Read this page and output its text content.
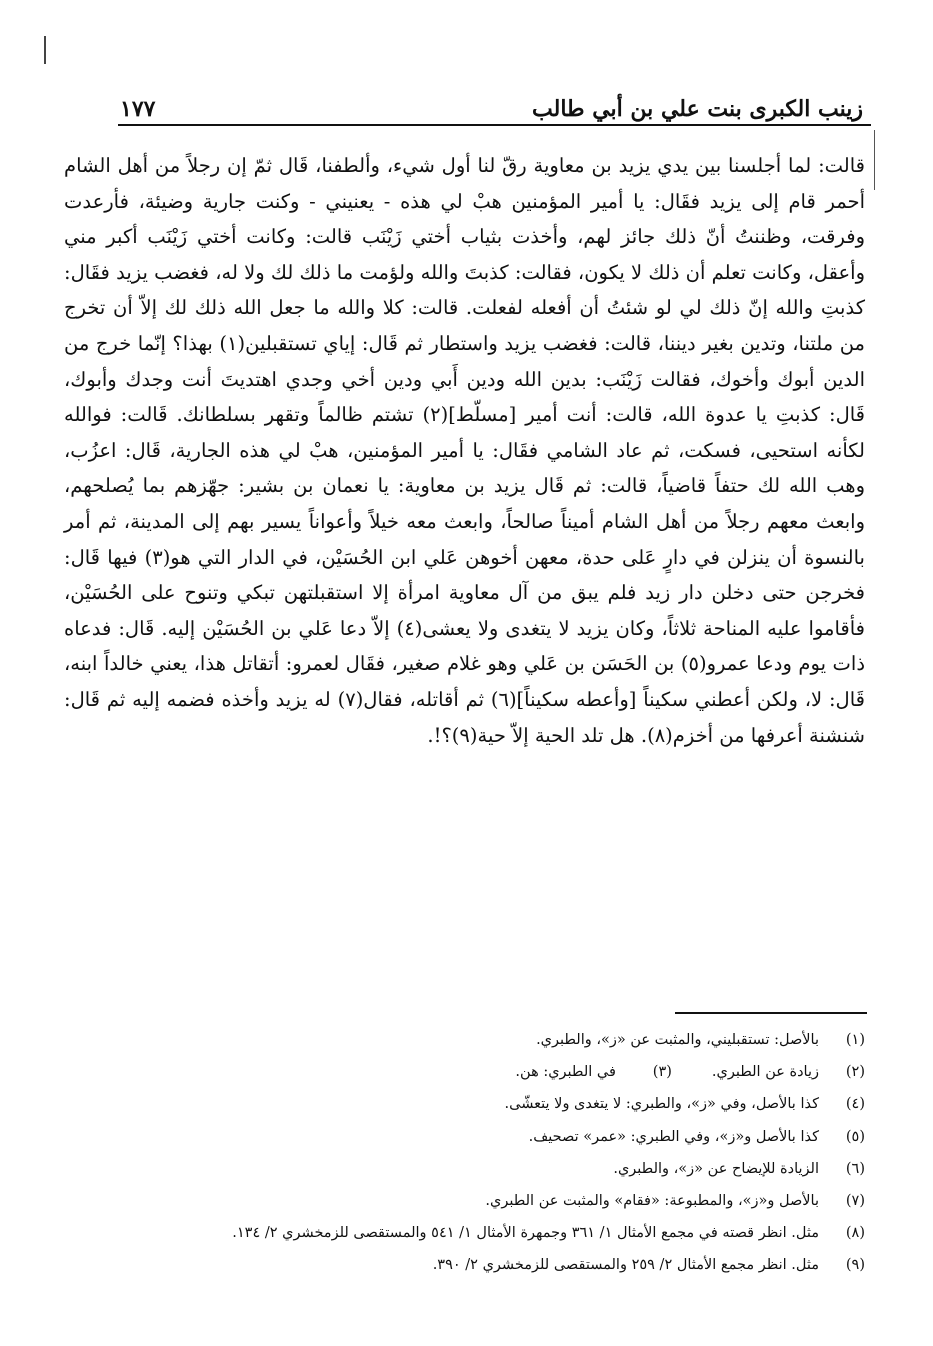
زينب الكبرى بنت علي بن أبي طالب
١٧٧

قالت: لما أجلسنا بين يدي يزيد بن معاوية رقّ لنا أول شيء، وألطفنا، قَال ثمّ إن رجلاً من أهل الشام أحمر قام إلى يزيد فقَال: يا أمير المؤمنين هبْ لي هذه - يعنيني - وكنت جارية وضيئة، فأرعدت وفرقت، وظننتُ أنّ ذلك جائز لهم، وأخذت بثياب أختي زَيْنَب قالت: وكانت أختي زَيْنَب أكبر مني وأعقل، وكانت تعلم أن ذلك لا يكون، فقالت: كذبتَ والله ولؤمت ما ذلك لك ولا له، فغضب يزيد فقَال: كذبتِ والله إنّ ذلك لي لو شئتُ أن أفعله لفعلت. قالت: كلا والله ما جعل الله ذلك لك إلاّ أن تخرج من ملتنا، وتدين بغير ديننا، قالت: فغضب يزيد واستطار ثم قَال: إياي تستقبلين(١) بهذا؟ إنّما خرج من الدين أبوك وأخوك، فقالت زَيْنَب: بدين الله ودين أَبي ودين أخي وجدي اهتديتَ أنت وجدك وأبوك، قَال: كذبتِ يا عدوة الله، قالت: أنت أمير [مسلّط](٢) تشتم ظالماً وتقهر بسلطانك. قَالت: فوالله لكأنه استحيى، فسكت، ثم عاد الشامي فقَال: يا أمير المؤمنين، هبْ لي هذه الجارية، قَال: اعزُب، وهب الله لك حتفاً قاضياً، قالت: ثم قَال يزيد بن معاوية: يا نعمان بن بشير: جهّزهم بما يُصلحهم، وابعث معهم رجلاً من أهل الشام أميناً صالحاً، وابعث معه خيلاً وأعواناً يسير بهم إلى المدينة، ثم أمر بالنسوة أن ينزلن في دارٍ عَلى حدة، معهن أخوهن عَلي ابن الحُسَيْن، في الدار التي هو(٣) فيها قَال: فخرجن حتى دخلن دار زيد فلم يبق من آل معاوية امرأة إلا استقبلتهن تبكي وتنوح على الحُسَيْن، فأقاموا عليه المناحة ثلاثاً، وكان يزيد لا يتغدى ولا يعشى(٤) إلاّ دعا عَلي بن الحُسَيْن إليه. قَال: فدعاه ذات يوم ودعا عمرو(٥) بن الحَسَن بن عَلي وهو غلام صغير، فقَال لعمرو: أتقاتل هذا، يعني خالداً ابنه، قَال: لا، ولكن أعطني سكيناً [وأعطه سكيناً](٦) ثم أقاتله، فقال(٧) له يزيد وأخذه فضمه إليه ثم قَال: شنشنة أعرفها من أخزم(٨). هل تلد الحية إلاّ حية(٩)؟!.

(١)
بالأصل: تستقبليني، والمثبت عن «ز»، والطبري.
(٢)
زيادة عن الطبري.
(٣)
في الطبري: هن.
(٤)
كذا بالأصل، وفي «ز»، والطبري: لا يتغدى ولا يتعشّى.
(٥)
كذا بالأصل و«ز»، وفي الطبري: «عمر» تصحيف.
(٦)
الزيادة للإيضاح عن «ز»، والطبري.
(٧)
بالأصل و«ز»، والمطبوعة: «فقام» والمثبت عن الطبري.
(٨)
مثل. انظر قصته في مجمع الأمثال ١/ ٣٦١ وجمهرة الأمثال ١/ ٥٤١ والمستقصى للزمخشري ٢/ ١٣٤.
(٩)
مثل. انظر مجمع الأمثال ٢/ ٢٥٩ والمستقصى للزمخشري ٢/ ٣٩٠.
